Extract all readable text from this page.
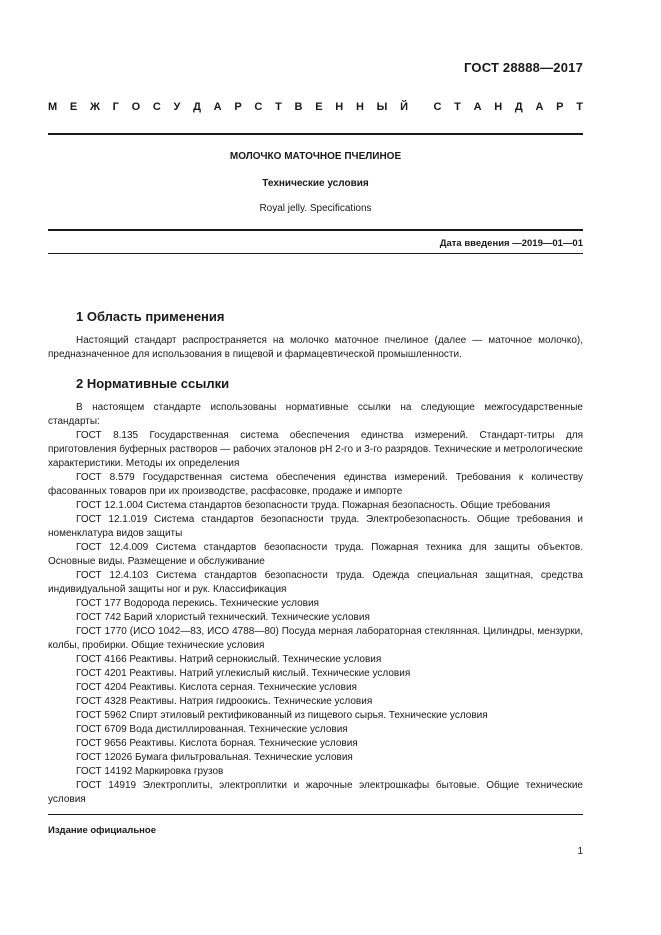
ГОСТ 28888—2017
М Е Ж Г О С У Д А Р С Т В Е Н Н Ы Й С Т А Н Д А Р Т
МОЛОЧКО МАТОЧНОЕ ПЧЕЛИНОЕ
Технические условия
Royal jelly. Specifications
Дата введения —2019—01—01
1 Область применения

Настоящий стандарт распространяется на молочко маточное пчелиное (далее — маточное молочко), предназначенное для использования в пищевой и фармацевтической промышленности.

2 Нормативные ссылки

В настоящем стандарте использованы нормативные ссылки на следующие межгосударственные стандарты:

ГОСТ 8.135 Государственная система обеспечения единства измерений. Стандарт-титры для приготовления буферных растворов — рабочих эталонов pH 2-го и 3-го разрядов. Технические и метрологические характеристики. Методы их определения

ГОСТ 8.579 Государственная система обеспечения единства измерений. Требования к количеству фасованных товаров при их производстве, расфасовке, продаже и импорте

ГОСТ 12.1.004 Система стандартов безопасности труда. Пожарная безопасность. Общие требования

ГОСТ 12.1.019 Система стандартов безопасности труда. Электробезопасность. Общие требования и номенклатура видов защиты

ГОСТ 12.4.009 Система стандартов безопасности труда. Пожарная техника для защиты объектов. Основные виды. Размещение и обслуживание

ГОСТ 12.4.103 Система стандартов безопасности труда. Одежда специальная защитная, средства индивидуальной защиты ног и рук. Классификация

ГОСТ 177 Водорода перекись. Технические условия

ГОСТ 742 Барий хлористый технический. Технические условия

ГОСТ 1770 (ИСО 1042—83, ИСО 4788—80) Посуда мерная лабораторная стеклянная. Цилиндры, мензурки, колбы, пробирки. Общие технические условия

ГОСТ 4166 Реактивы. Натрий сернокислый. Технические условия

ГОСТ 4201 Реактивы. Натрий углекислый кислый. Технические условия

ГОСТ 4204 Реактивы. Кислота серная. Технические условия

ГОСТ 4328 Реактивы. Натрия гидроокись. Технические условия

ГОСТ 5962 Спирт этиловый ректификованный из пищевого сырья. Технические условия

ГОСТ 6709 Вода дистиллированная. Технические условия

ГОСТ 9656 Реактивы. Кислота борная. Технические условия

ГОСТ 12026 Бумага фильтровальная. Технические условия

ГОСТ 14192 Маркировка грузов

ГОСТ 14919 Электроплиты, электроплитки и жарочные электрошкафы бытовые. Общие технические условия

Издание официальное
1
